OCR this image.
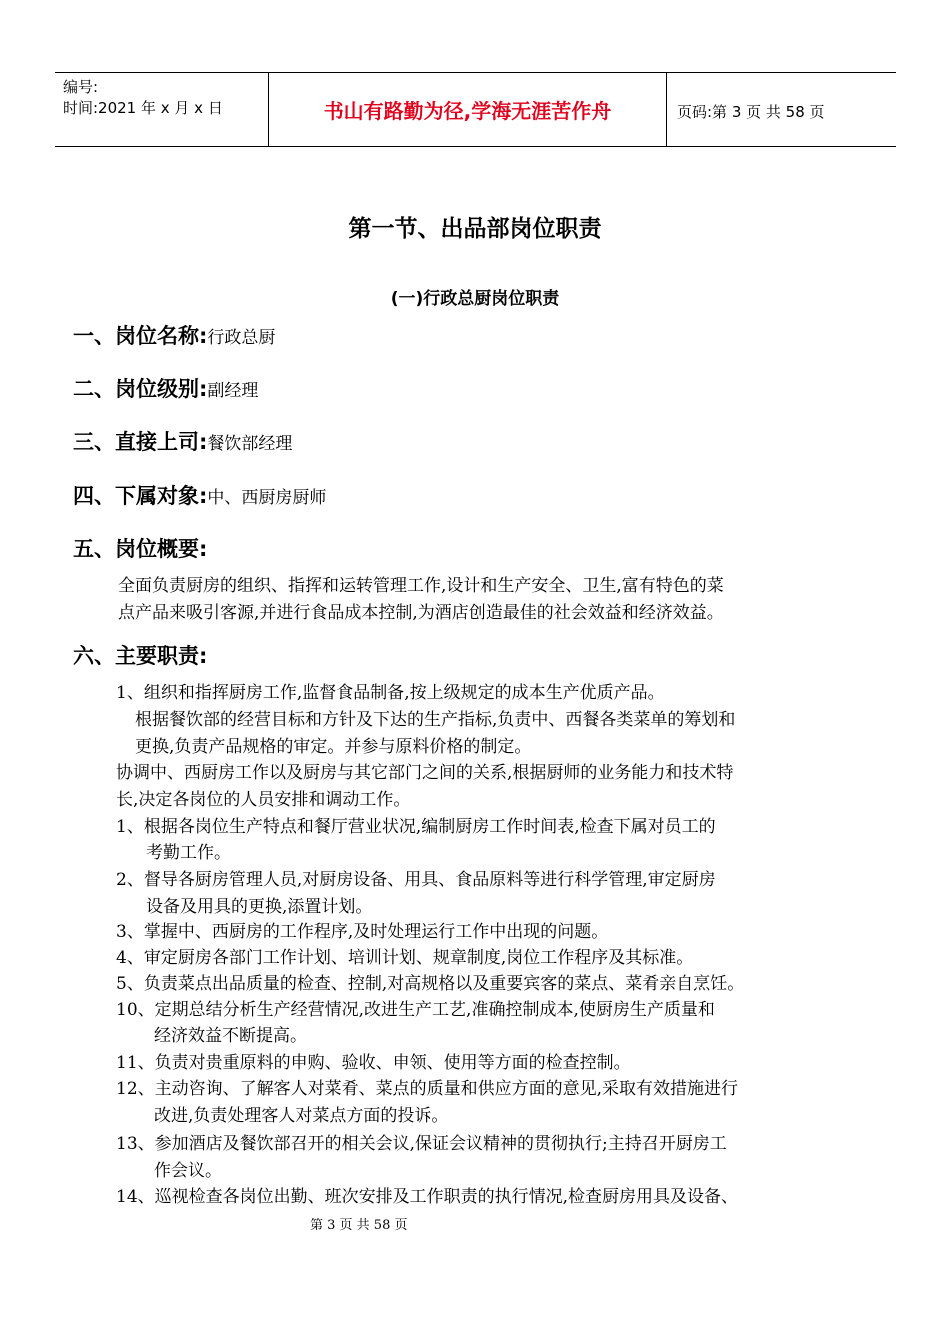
编号:
时间:2021 年 x 月 x 日	书山有路勤为径,学海无涯苦作舟	页码:第 3 页 共 58 页
第一节、出品部岗位职责
(一)行政总厨岗位职责
一、岗位名称:行政总厨
二、岗位级别:副经理
三、直接上司:餐饮部经理
四、下属对象:中、西厨房厨师
五、岗位概要:
全面负责厨房的组织、指挥和运转管理工作,设计和生产安全、卫生,富有特色的菜
点产品来吸引客源,并进行食品成本控制,为酒店创造最佳的社会效益和经济效益。
六、主要职责:
1、组织和指挥厨房工作,监督食品制备,按上级规定的成本生产优质产品。
根据餐饮部的经营目标和方针及下达的生产指标,负责中、西餐各类菜单的筹划和
更换,负责产品规格的审定。并参与原料价格的制定。
协调中、西厨房工作以及厨房与其它部门之间的关系,根据厨师的业务能力和技术特
长,决定各岗位的人员安排和调动工作。
1、根据各岗位生产特点和餐厅营业状况,编制厨房工作时间表,检查下属对员工的
考勤工作。
2、督导各厨房管理人员,对厨房设备、用具、食品原料等进行科学管理,审定厨房
设备及用具的更换,添置计划。
3、掌握中、西厨房的工作程序,及时处理运行工作中出现的问题。
4、审定厨房各部门工作计划、培训计划、规章制度,岗位工作程序及其标准。
5、负责菜点出品质量的检查、控制,对高规格以及重要宾客的菜点、菜肴亲自烹饪。
10、定期总结分析生产经营情况,改进生产工艺,准确控制成本,使厨房生产质量和
经济效益不断提高。
11、负责对贵重原料的申购、验收、申领、使用等方面的检查控制。
12、主动咨询、了解客人对菜肴、菜点的质量和供应方面的意见,采取有效措施进行
改进,负责处理客人对菜点方面的投诉。
13、参加酒店及餐饮部召开的相关会议,保证会议精神的贯彻执行;主持召开厨房工
作会议。
14、巡视检查各岗位出勤、班次安排及工作职责的执行情况,检查厨房用具及设备、
第 3 页 共 58 页
